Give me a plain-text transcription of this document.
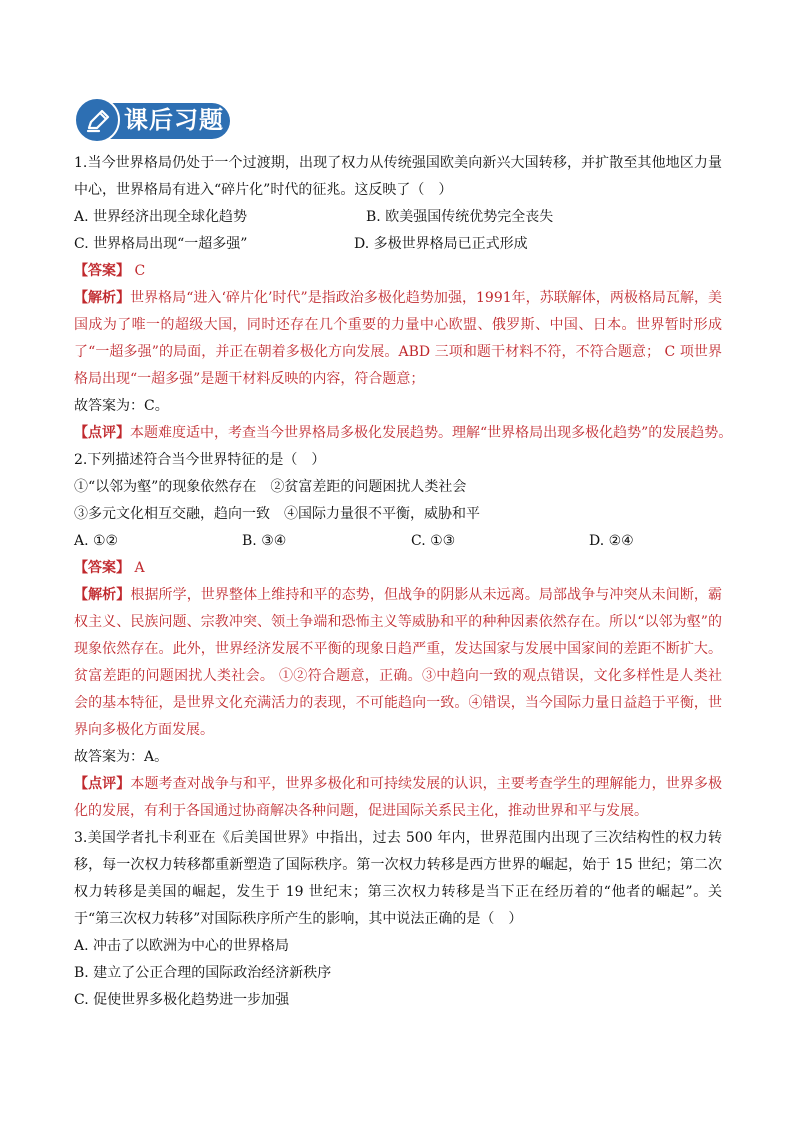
课后习题

1.当今世界格局仍处于一个过渡期，出现了权力从传统强国欧美向新兴大国转移，并扩散至其他地区力量中心，世界格局有进入“碎片化”时代的征兆。这反映了（　）

A. 世界经济出现全球化趋势	B. 欧美强国传统优势完全丧失
C. 世界格局出现“一超多强”	D. 多极世界格局已正式形成
【答案】 C

【解析】世界格局“进入‘碎片化’时代”是指政治多极化趋势加强，1991年，苏联解体，两极格局瓦解，美国成为了唯一的超级大国，同时还存在几个重要的力量中心欧盟、俄罗斯、中国、日本。世界暂时形成了“一超多强”的局面，并正在朝着多极化方向发展。ABD 三项和题干材料不符，不符合题意； C 项世界格局出现“一超多强”是题干材料反映的内容，符合题意；

故答案为：C。
【点评】本题难度适中，考查当今世界格局多极化发展趋势。理解“世界格局出现多极化趋势”的发展趋势。
2.下列描述符合当今世界特征的是（　）
①“以邻为壑”的现象依然存在　②贫富差距的问题困扰人类社会
③多元文化相互交融，趋向一致　④国际力量很不平衡，威胁和平
A. ①②	B. ③④	C. ①③	D. ②④
【答案】 A

【解析】根据所学，世界整体上维持和平的态势，但战争的阴影从未远离。局部战争与冲突从未间断，霸权主义、民族问题、宗教冲突、领土争端和恐怖主义等威胁和平的种种因素依然存在。所以“以邻为壑”的现象依然存在。此外，世界经济发展不平衡的现象日趋严重，发达国家与发展中国家间的差距不断扩大。贫富差距的问题困扰人类社会。 ①②符合题意，正确。③中趋向一致的观点错误，文化多样性是人类社会的基本特征，是世界文化充满活力的表现，不可能趋向一致。④错误，当今国际力量日益趋于平衡，世界向多极化方面发展。

故答案为：A。

【点评】本题考查对战争与和平，世界多极化和可持续发展的认识，主要考查学生的理解能力，世界多极化的发展，有利于各国通过协商解决各种问题，促进国际关系民主化，推动世界和平与发展。

3.美国学者扎卡利亚在《后美国世界》中指出，过去 500 年内，世界范围内出现了三次结构性的权力转移，每一次权力转移都重新塑造了国际秩序。第一次权力转移是西方世界的崛起，始于 15 世纪；第二次权力转移是美国的崛起，发生于 19 世纪末；第三次权力转移是当下正在经历着的“他者的崛起”。关于“第三次权力转移”对国际秩序所产生的影响，其中说法正确的是（　）

A. 冲击了以欧洲为中心的世界格局
B. 建立了公正合理的国际政治经济新秩序
C. 促使世界多极化趋势进一步加强
